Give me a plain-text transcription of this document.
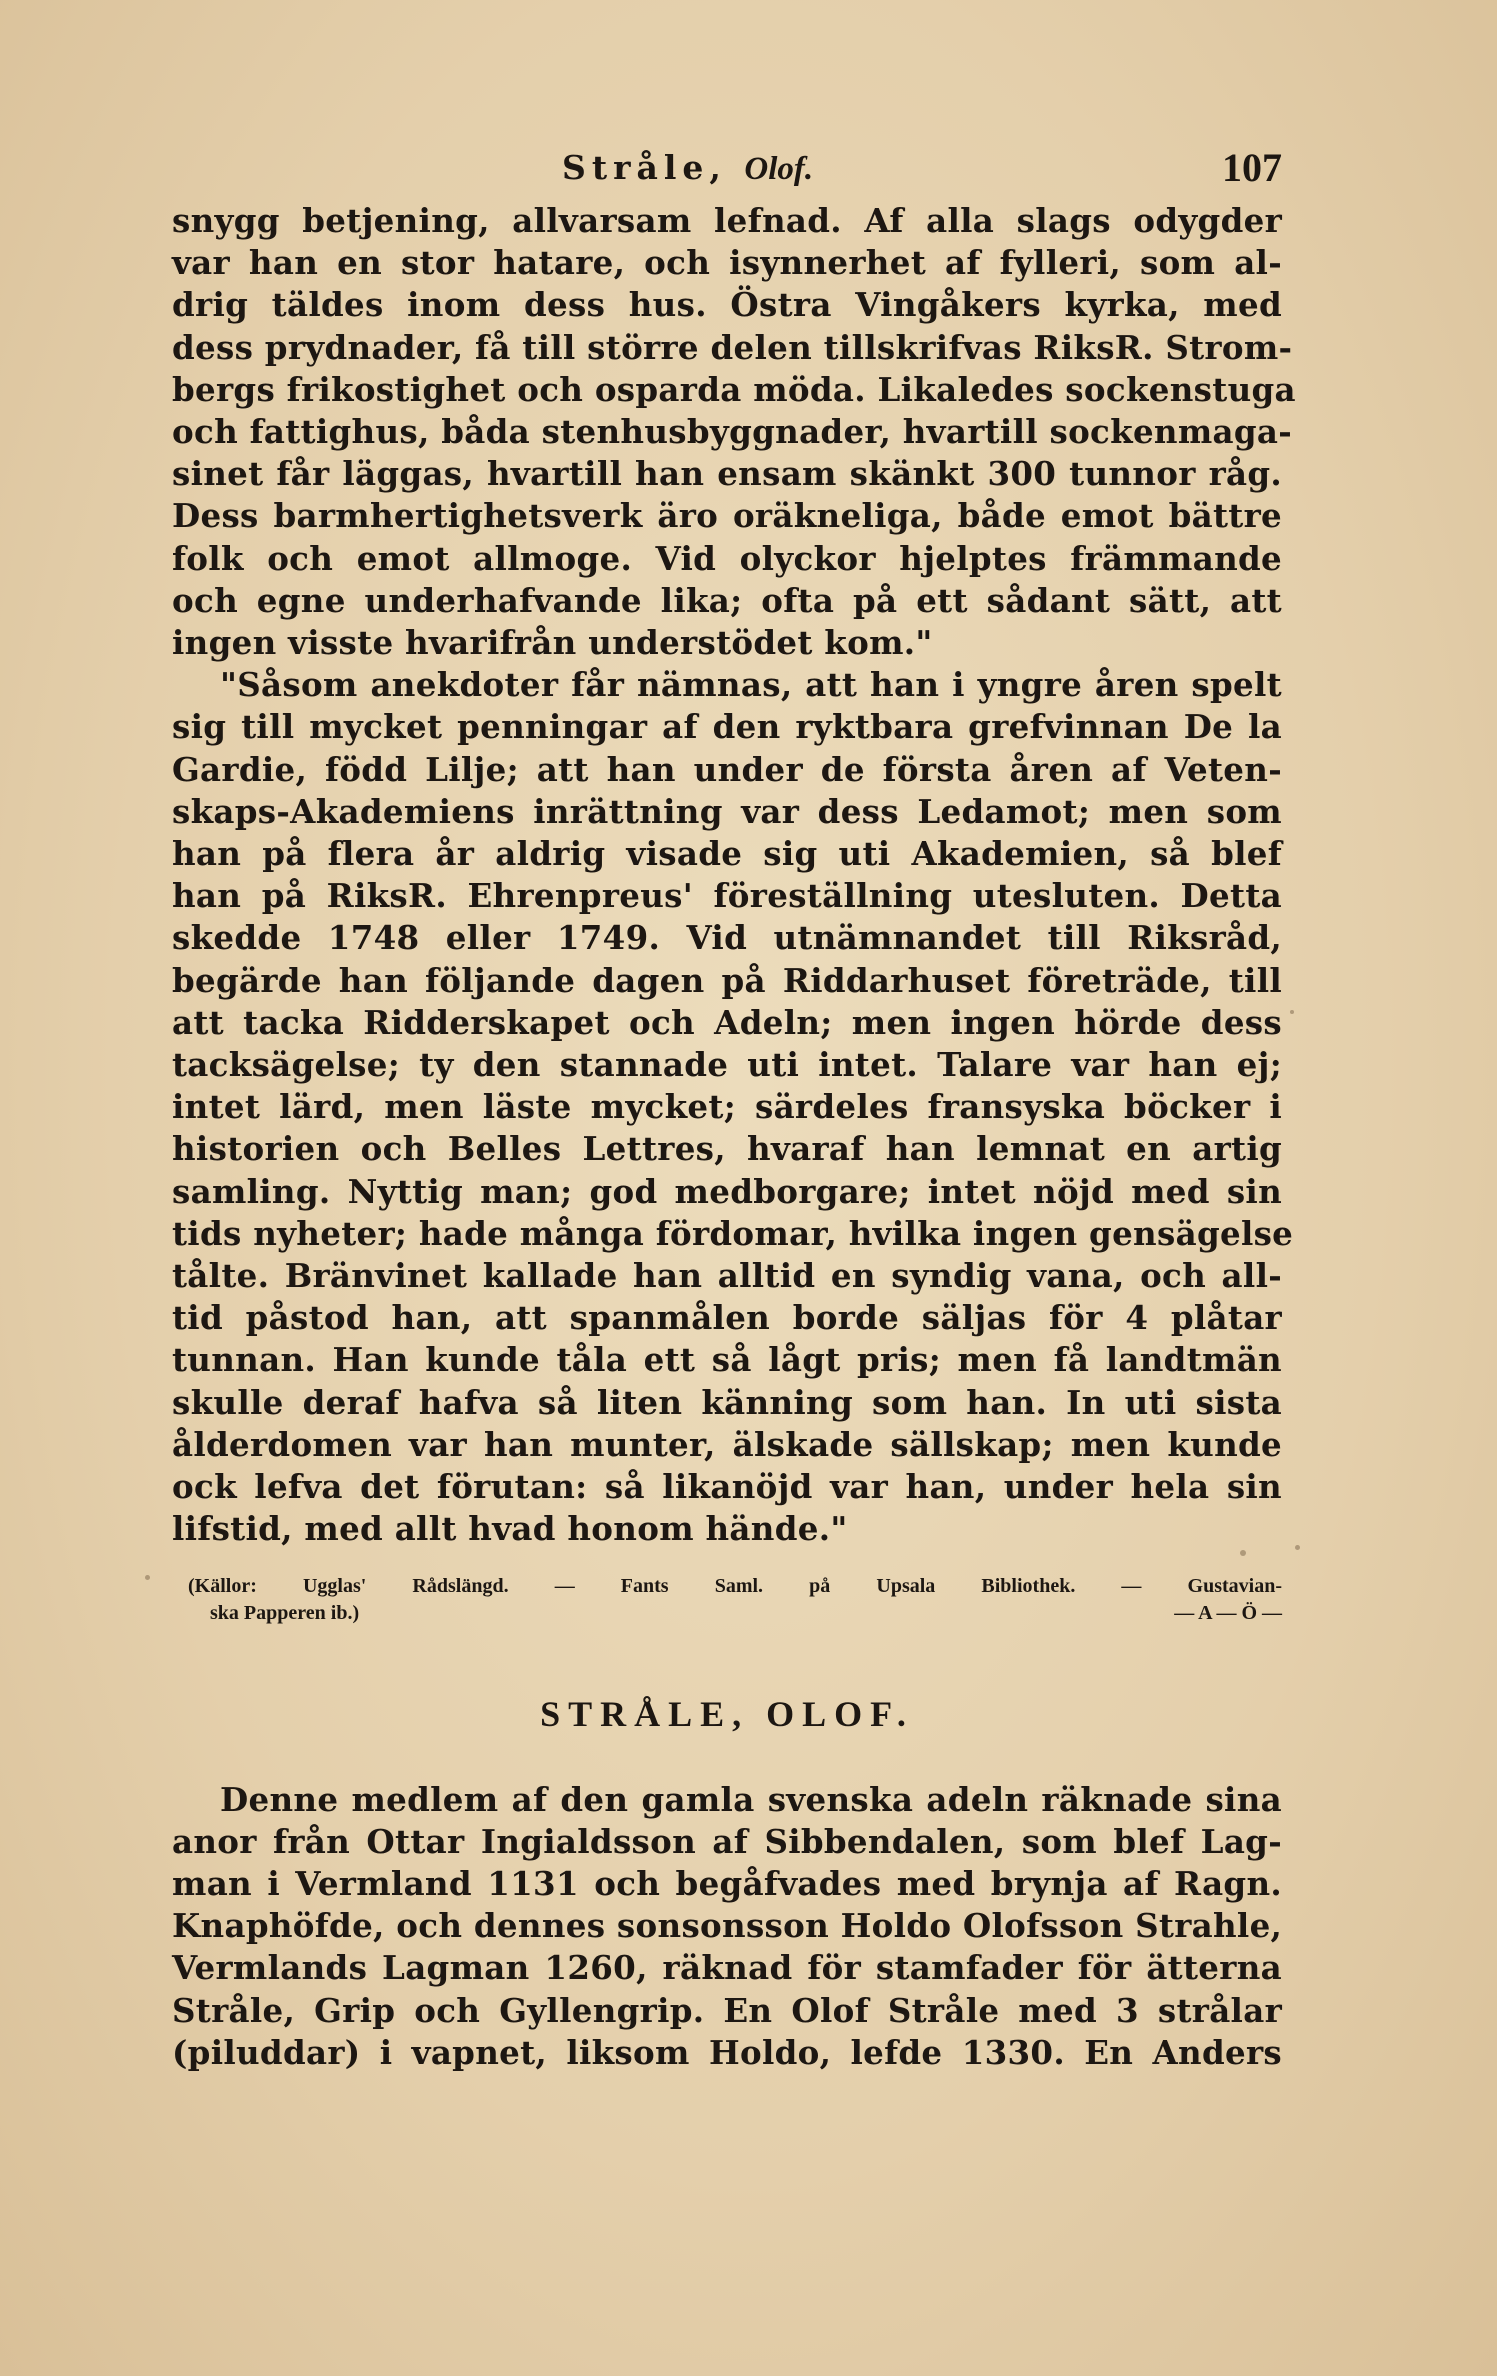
Stråle, Olof.	107
snygg betjening, allvarsam lefnad. Af alla slags odygder
var han en stor hatare, och isynnerhet af fylleri, som al-
drig täldes inom dess hus. Östra Vingåkers kyrka, med
dess prydnader, få till större delen tillskrifvas RiksR. Strom-
bergs frikostighet och osparda möda. Likaledes sockenstuga
och fattighus, båda stenhusbyggnader, hvartill sockenmaga-
sinet får läggas, hvartill han ensam skänkt 300 tunnor råg.
Dess barmhertighetsverk äro oräkneliga, både emot bättre
folk och emot allmoge. Vid olyckor hjelptes främmande
och egne underhafvande lika; ofta på ett sådant sätt, att
ingen visste hvarifrån understödet kom."
"Såsom anekdoter får nämnas, att han i yngre åren spelt
sig till mycket penningar af den ryktbara grefvinnan De la
Gardie, född Lilje; att han under de första åren af Veten-
skaps-Akademiens inrättning var dess Ledamot; men som
han på flera år aldrig visade sig uti Akademien, så blef
han på RiksR. Ehrenpreus' föreställning utesluten. Detta
skedde 1748 eller 1749. Vid utnämnandet till Riksråd,
begärde han följande dagen på Riddarhuset företräde, till
att tacka Ridderskapet och Adeln; men ingen hörde dess
tacksägelse; ty den stannade uti intet. Talare var han ej;
intet lärd, men läste mycket; särdeles fransyska böcker i
historien och Belles Lettres, hvaraf han lemnat en artig
samling. Nyttig man; god medborgare; intet nöjd med sin
tids nyheter; hade många fördomar, hvilka ingen gensägelse
tålte. Bränvinet kallade han alltid en syndig vana, och all-
tid påstod han, att spanmålen borde säljas för 4 plåtar
tunnan. Han kunde tåla ett så lågt pris; men få landtmän
skulle deraf hafva så liten känning som han. In uti sista
ålderdomen var han munter, älskade sällskap; men kunde
ock lefva det förutan: så likanöjd var han, under hela sin
lifstid, med allt hvad honom hände."
(Källor: Ugglas' Rådslängd. — Fants Saml. på Upsala Bibliothek. — Gustavian-
ska Papperen ib.)	— A — Ö —
STRÅLE, OLOF.
Denne medlem af den gamla svenska adeln räknade sina
anor från Ottar Ingialdsson af Sibbendalen, som blef Lag-
man i Vermland 1131 och begåfvades med brynja af Ragn.
Knaphöfde, och dennes sonsonsson Holdo Olofsson Strahle,
Vermlands Lagman 1260, räknad för stamfader för ätterna
Stråle, Grip och Gyllengrip. En Olof Stråle med 3 strålar
(piluddar) i vapnet, liksom Holdo, lefde 1330. En Anders
